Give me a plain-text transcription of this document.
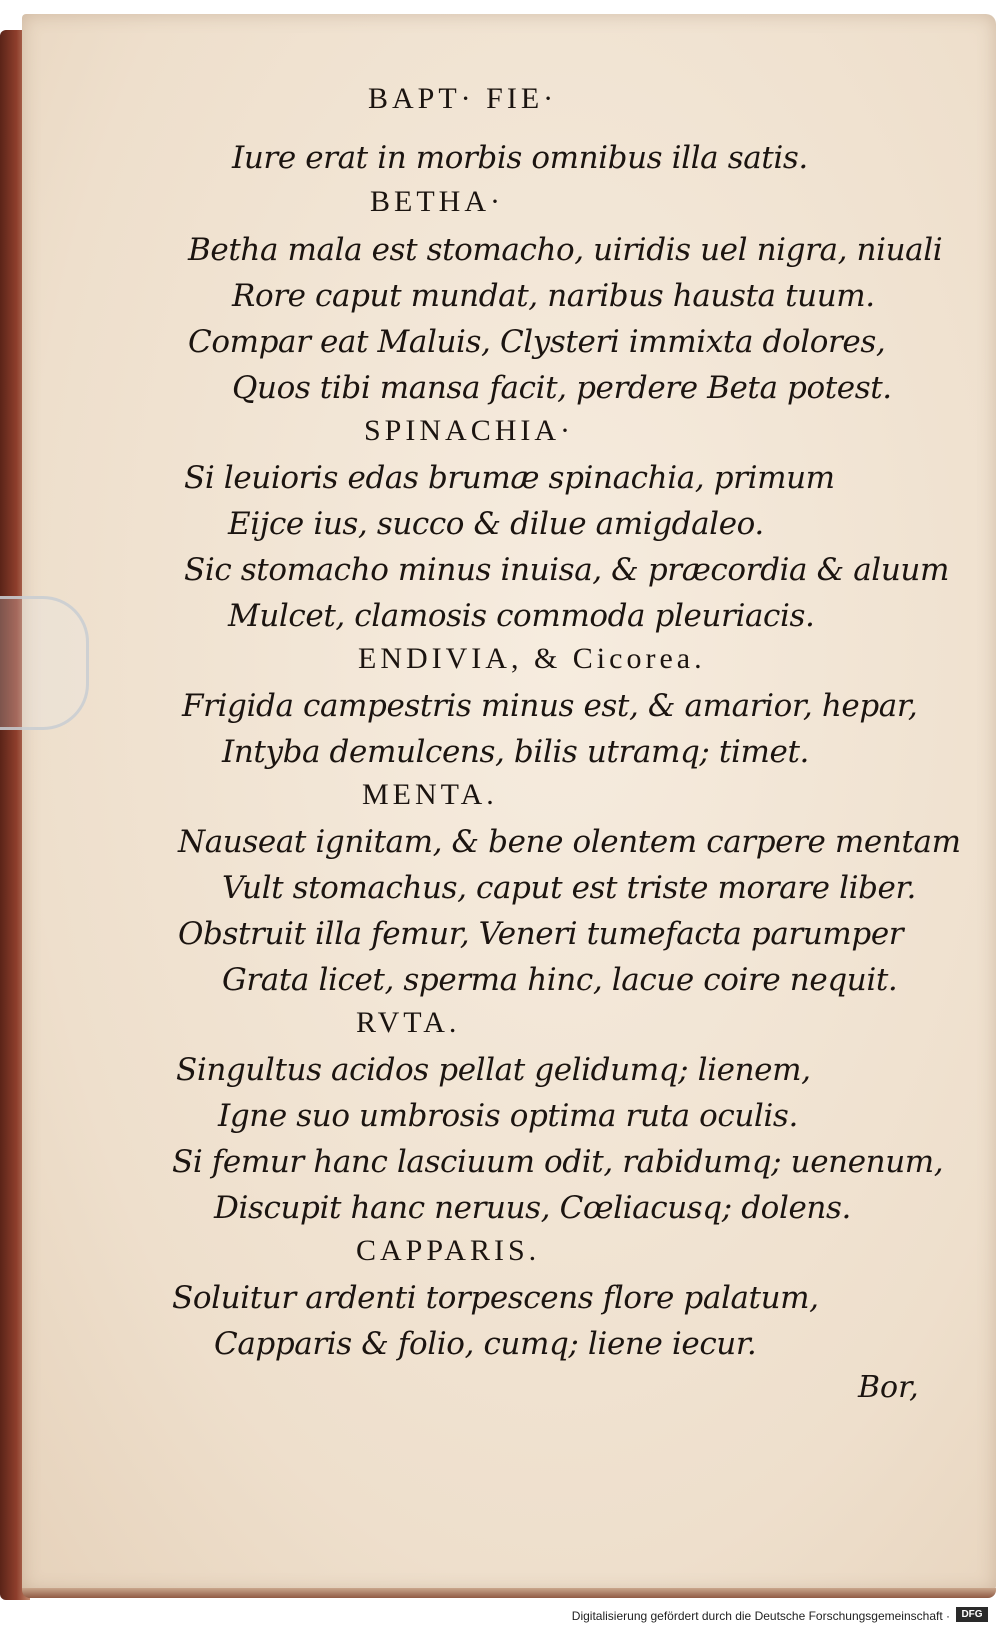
BAPT· FIE·
Iure erat in morbis omnibus illa satis.
BETHA·
Betha mala est stomacho, uiridis uel nigra, niuali
Rore caput mundat, naribus hausta tuum.
Compar eat Maluis, Clysteri immixta dolores,
Quos tibi mansa facit, perdere Beta potest.
SPINACHIA·
Si leuioris edas brumæ spinachia, primum
Eijce ius, succo & dilue amigdaleo.
Sic stomacho minus inuisa, & præcordia & aluum
Mulcet, clamosis commoda pleuriacis.
ENDIVIA, & Cicorea.
Frigida campestris minus est, & amarior, hepar,
Intyba demulcens, bilis utramq; timet.
MENTA.
Nauseat ignitam, & bene olentem carpere mentam
Vult stomachus, caput est triste morare liber.
Obstruit illa femur, Veneri tumefacta parumper
Grata licet, sperma hinc, lacue coire nequit.
RVTA.
Singultus acidos pellat gelidumq; lienem,
Igne suo umbrosis optima ruta oculis.
Si femur hanc lasciuum odit, rabidumq; uenenum,
Discupit hanc neruus, Cœliacusq; dolens.
CAPPARIS.
Soluitur ardenti torpescens flore palatum,
Capparis & folio, cumq; liene iecur.
Bor,
Digitalisierung gefördert durch die Deutsche Forschungsgemeinschaft ·	DFG
